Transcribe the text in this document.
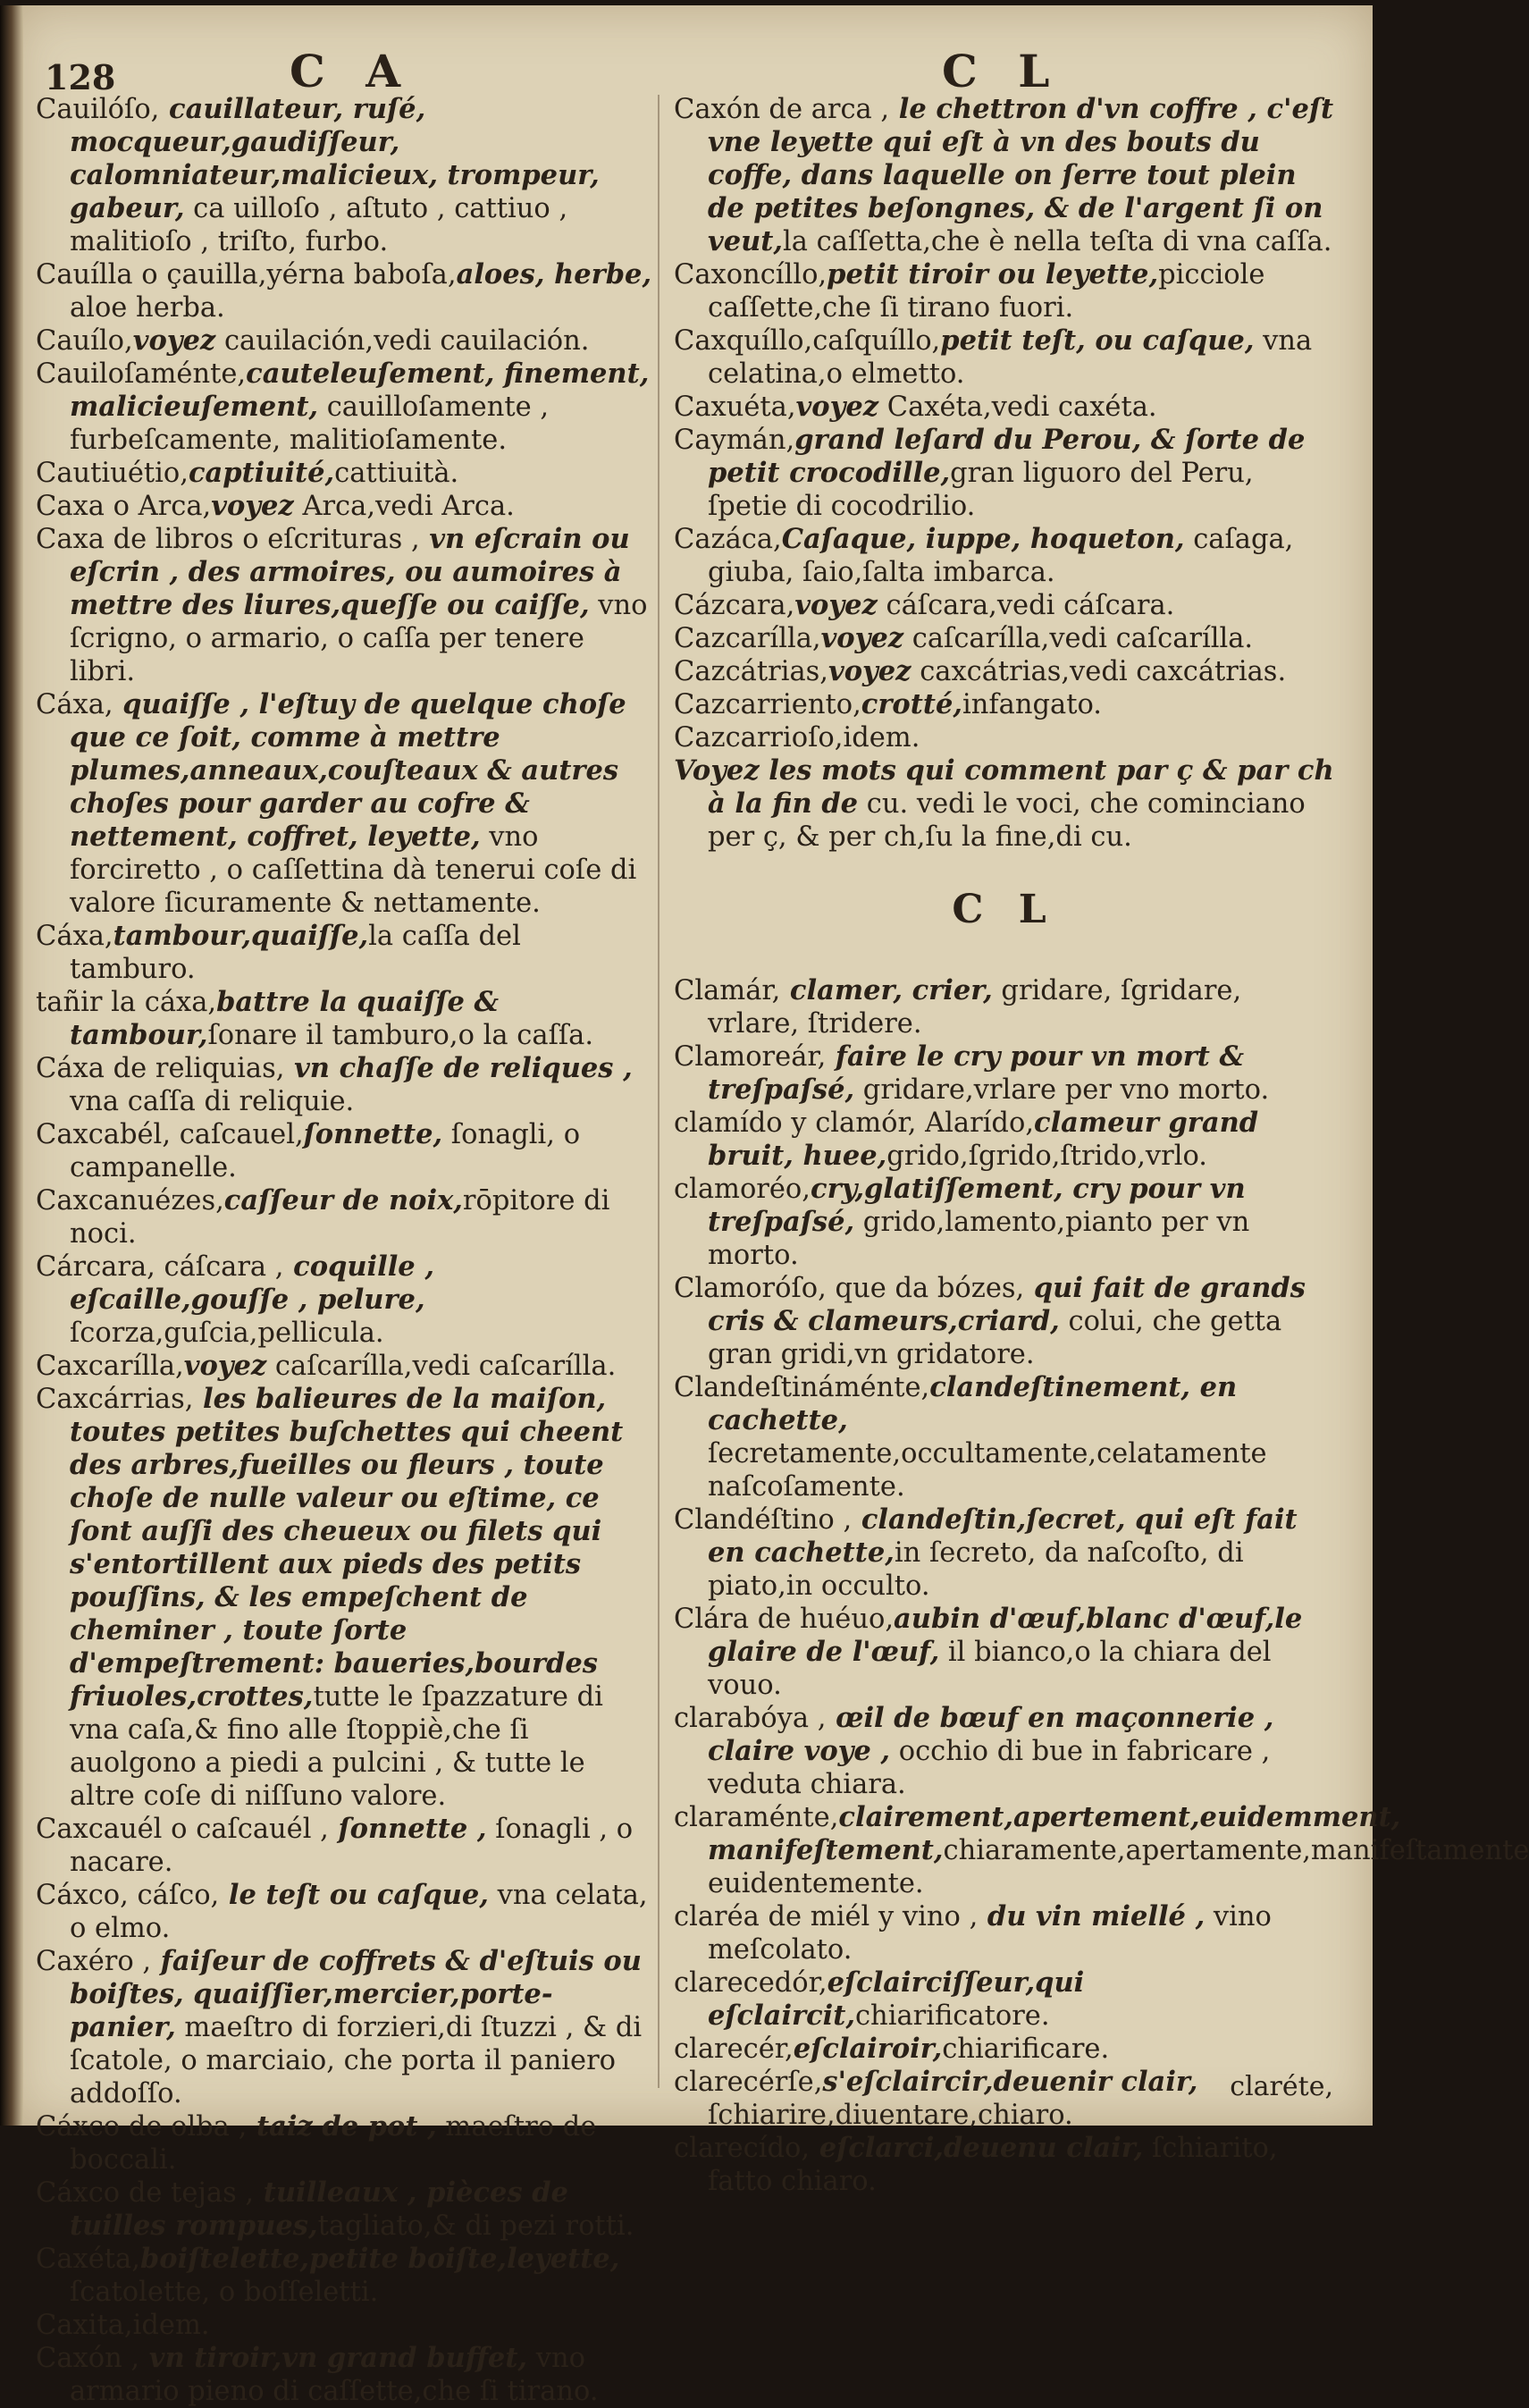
128	C A	C L
Cauilóſo, cauillateur, ruſé, mocqueur,gaudiſſeur, calomniateur,malicieux, trompeur, gabeur, ca uilloſo , aſtuto , cattiuo , malitioſo , triſto, furbo.
Cauílla o çauilla,yérna baboſa,aloes, herbe, aloe herba.
Cauílo,voyez cauilación,vedi cauilación.
Cauiloſaménte,cauteleuſement, finement, malicieuſement, cauilloſamente , furbeſcamente, malitioſamente.
Cautiuétio,captiuité,cattiuità.
Caxa o Arca,voyez Arca,vedi Arca.
Caxa de libros o eſcrituras , vn eſcrain ou eſcrin , des armoires, ou aumoires à mettre des liures,queſſe ou caiſſe, vno ſcrigno, o armario, o caſſa per tenere libri.
Cáxa, quaiſſe , l'eſtuy de quelque choſe que ce ſoit, comme à mettre plumes,anneaux,couſteaux & autres choſes pour garder au cofre & nettement, coffret, leyette, vno forciretto , o caſſettina dà tenerui coſe di valore ſicuramente & nettamente.
Cáxa,tambour,quaiſſe,la caſſa del tamburo.
tañir la cáxa,battre la quaiſſe & tambour,ſonare il tamburo,o la caſſa.
Cáxa de reliquias, vn chaſſe de reliques , vna caſſa di reliquie.
Caxcabél, caſcauel,ſonnette, ſonagli, o campanelle.
Caxcanuézes,caſſeur de noix,rōpitore di noci.
Cárcara, cáſcara , coquille , eſcaille,gouſſe , pelure, ſcorza,guſcia,pellicula.
Caxcarílla,voyez caſcarílla,vedi caſcarílla.
Caxcárrias, les balieures de la maiſon, toutes petites buſchettes qui cheent des arbres,fueilles ou fleurs , toute choſe de nulle valeur ou eſtime, ce ſont auſſi des cheueux ou filets qui s'entortillent aux pieds des petits pouſſins, & les empeſchent de cheminer , toute ſorte d'empeſtrement: baueries,bourdes friuoles,crottes,tutte le ſpazzature di vna caſa,& fino alle ſtoppiè,che ſi auolgono a piedi a pulcini , & tutte le altre coſe di niſſuno valore.
Caxcauél o caſcauél , ſonnette , ſonagli , o nacare.
Cáxco, cáſco, le teſt ou caſque, vna celata, o elmo.
Caxéro , faiſeur de coffrets & d'eſtuis ou boiſtes, quaiſſier,mercier,porte-panier, maeſtro di forzieri,di ſtuzzi , & di ſcatole, o marciaio, che porta il paniero addoſſo.
Cáxco de olba , taiz de pot , maeſtro de boccali.
Cáxco de tejas , tuilleaux , pièces de tuilles rompues,tagliato,& di pezi rotti.
Caxéta,boiſtelette,petite boiſte,leyette, ſcatolette, o boſſeletti.
Caxita,idem.
Caxón , vn tiroir,vn grand buffet, vno armario pieno di caſſette,che ſi tirano.
Caxón de arca , le chettron d'vn coffre , c'eſt vne leyette qui eſt à vn des bouts du coffe, dans laquelle on ſerre tout plein de petites beſongnes, & de l'argent ſi on veut,la caſſetta,che è nella teſta di vna caſſa.
Caxoncíllo,petit tiroir ou leyette,picciole caſſette,che ſi tirano fuori.
Caxquíllo,caſquíllo,petit teſt, ou caſque, vna celatina,o elmetto.
Caxuéta,voyez Caxéta,vedi caxéta.
Caymán,grand leſard du Perou, & ſorte de petit crocodille,gran liguoro del Peru, ſpetie di cocodrilio.
Cazáca,Caſaque, iuppe, hoqueton, caſaga, giuba, ſaio,ſalta imbarca.
Cázcara,voyez cáſcara,vedi cáſcara.
Cazcarílla,voyez caſcarílla,vedi caſcarílla.
Cazcátrias,voyez caxcátrias,vedi caxcátrias.
Cazcarriento,crotté,infangato.
Cazcarrioſo,idem.
Voyez les mots qui comment par ç & par ch à la fin de cu. vedi le voci, che cominciano per ç, & per ch,ſu la fine,di cu.
C L
Clamár, clamer, crier, gridare, ſgridare, vrlare, ſtridere.
Clamoreár, faire le cry pour vn mort & treſpaſsé, gridare,vrlare per vno morto.
clamído y clamór, Alarído,clameur grand bruit, huee,grido,ſgrido,ſtrido,vrlo.
clamoréo,cry,glatiſſement, cry pour vn treſpaſsé, grido,lamento,pianto per vn morto.
Clamoróſo, que da bózes, qui fait de grands cris & clameurs,criard, colui, che getta gran gridi,vn gridatore.
Clandeſtináménte,clandeſtinement, en cachette, ſecretamente,occultamente,celatamente naſcoſamente.
Clandéſtino , clandeſtin,ſecret, qui eſt fait en cachette,in ſecreto, da naſcoſto, di piato,in occulto.
Clára de huéuo,aubin d'œuf,blanc d'œuf,le glaire de l'œuf, il bianco,o la chiara del vouo.
clarabóya , œil de bœuf en maçonnerie , claire voye , occhio di bue in fabricare , veduta chiara.
claraménte,clairement,apertement,euidemment, manifeſtement,chiaramente,apertamente,manifeſtamente euidentemente.
claréa de miél y vino , du vin miellé , vino meſcolato.
clarecedór,eſclairciſſeur,qui eſclaircit,chiarificatore.
clarecér,eſclairoir,chiarificare.
clarecérſe,s'eſclaircir,deuenir clair, ſchiarire,diuentare,chiaro.
clarecído, eſclarci,deuenu clair, ſchiarito, fatto chiaro.
claréte,
